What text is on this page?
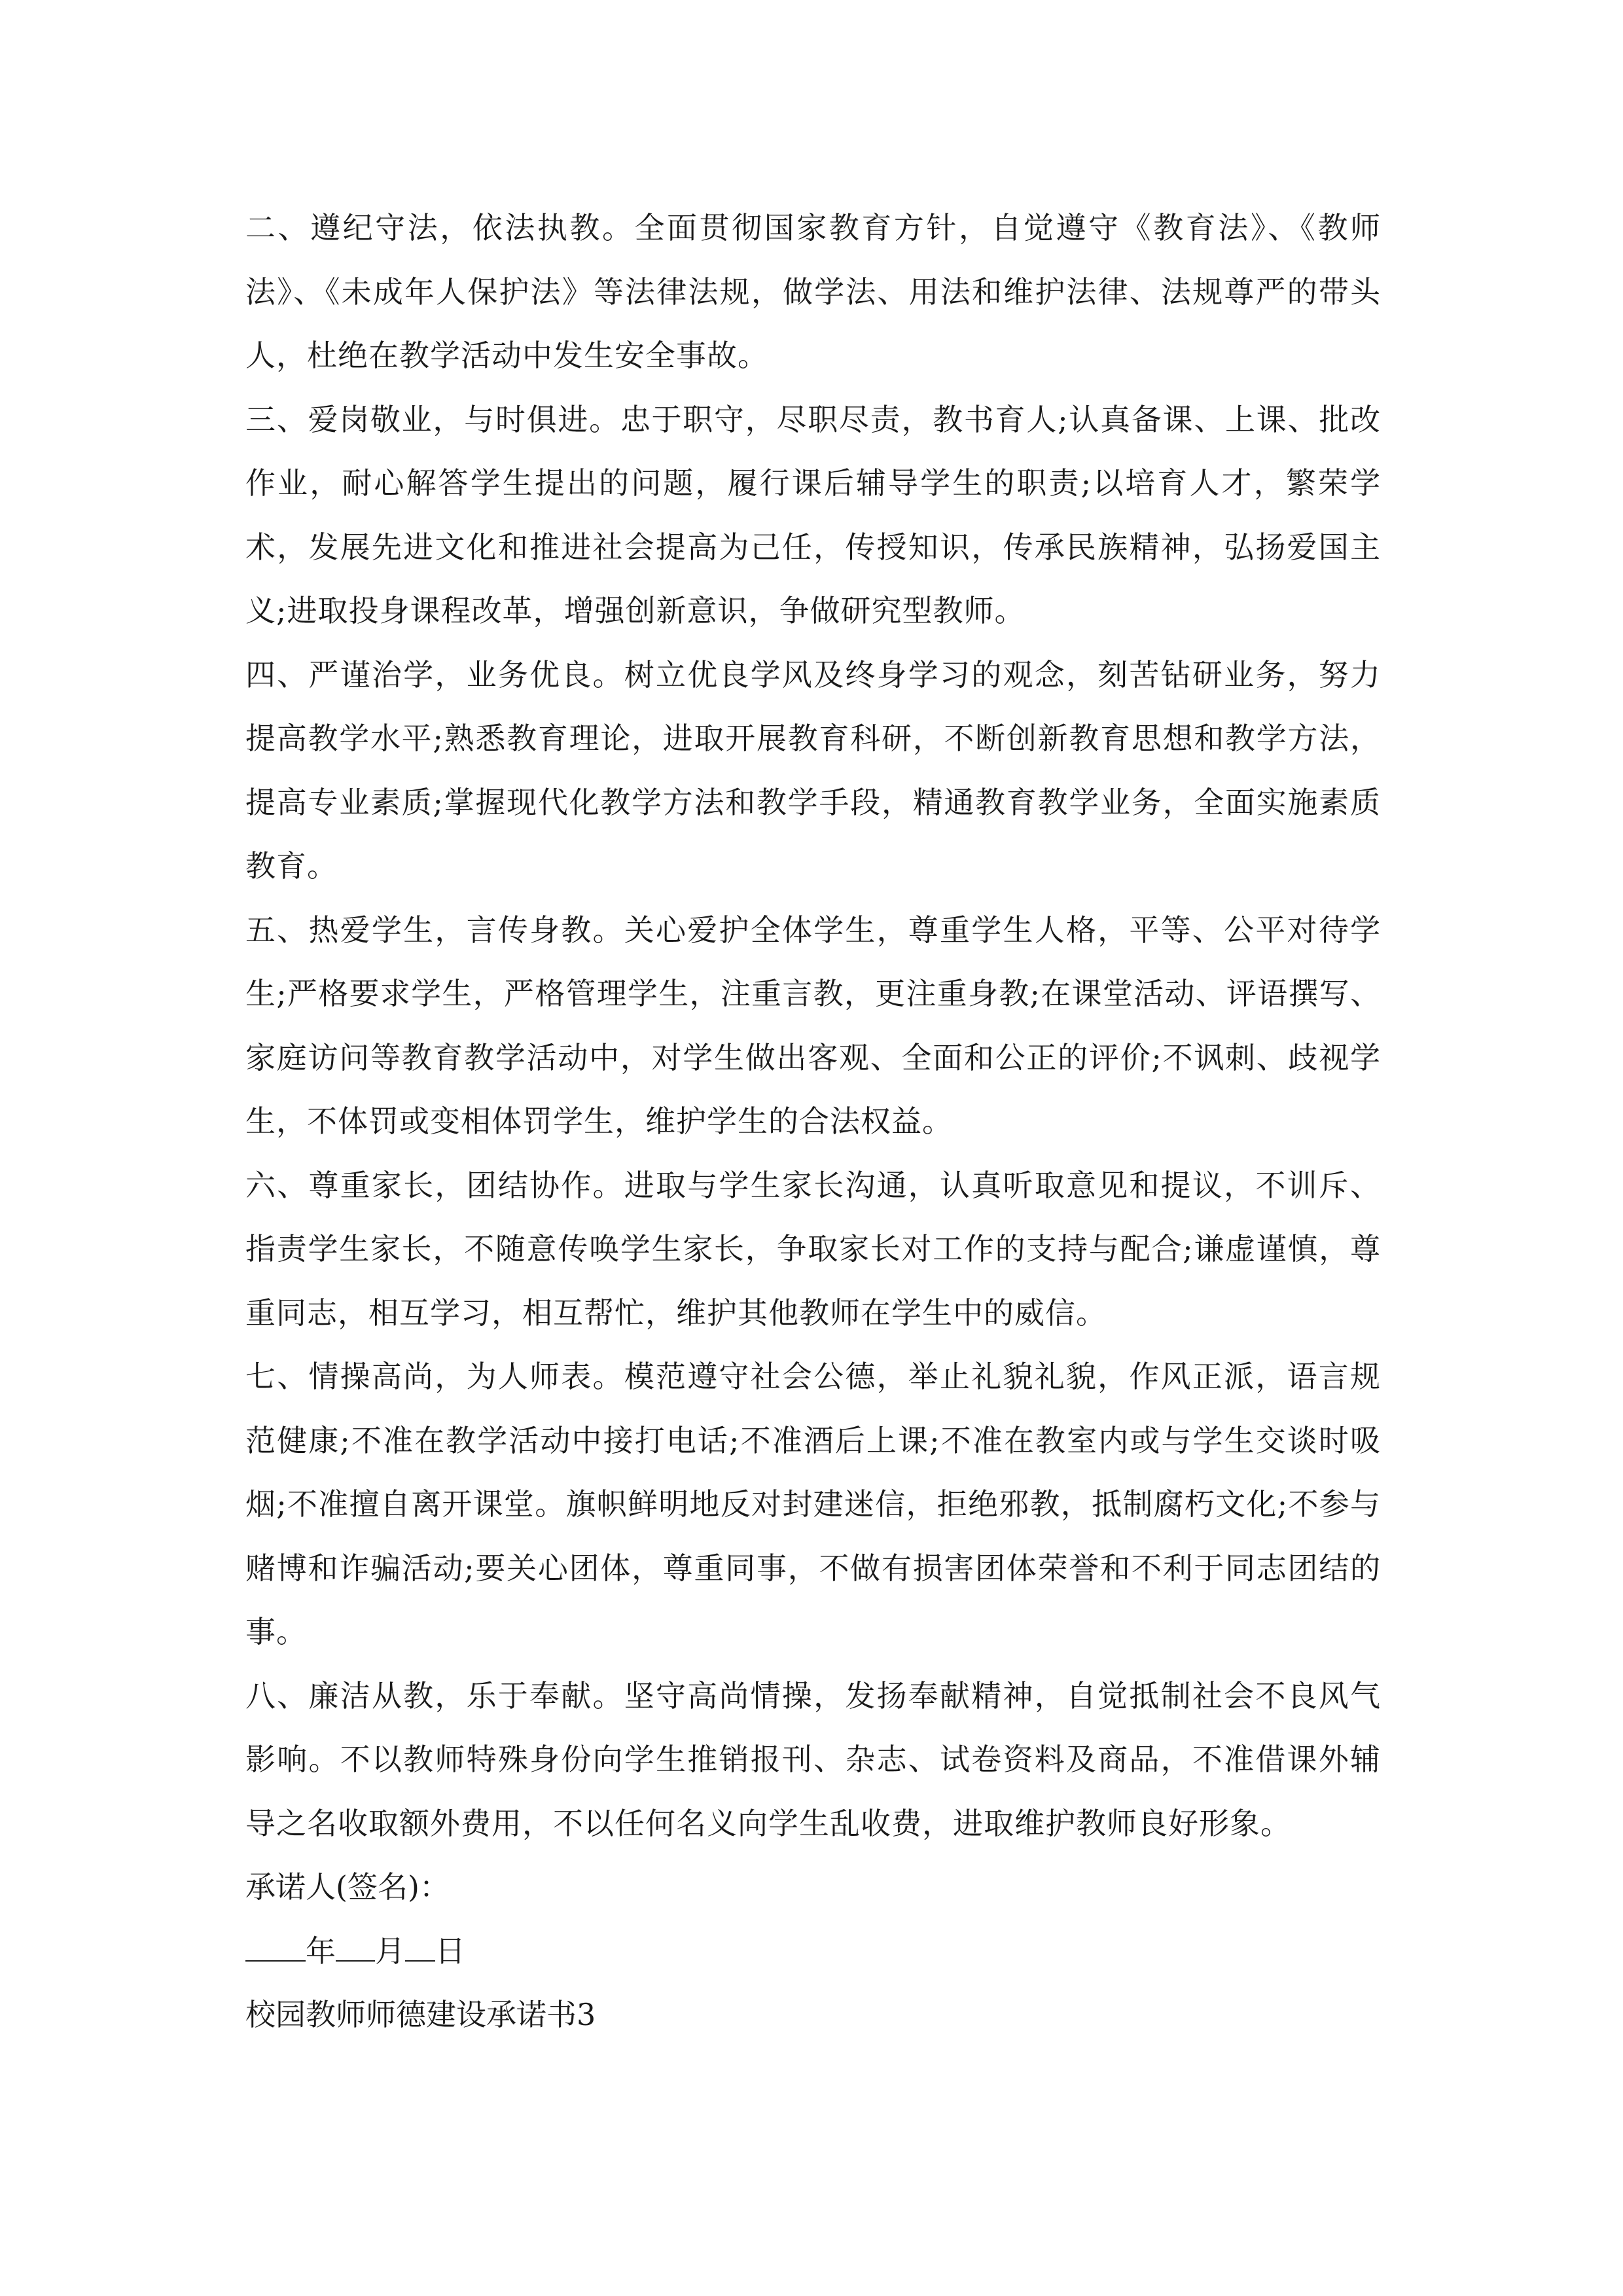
二、遵纪守法，依法执教。全面贯彻国家教育方针，自觉遵守《教育法》、《教师法》、《未成年人保护法》等法律法规，做学法、用法和维护法律、法规尊严的带头人，杜绝在教学活动中发生安全事故。

三、爱岗敬业，与时俱进。忠于职守，尽职尽责，教书育人;认真备课、上课、批改作业，耐心解答学生提出的问题，履行课后辅导学生的职责;以培育人才，繁荣学术，发展先进文化和推进社会提高为己任，传授知识，传承民族精神，弘扬爱国主义;进取投身课程改革，增强创新意识，争做研究型教师。

四、严谨治学，业务优良。树立优良学风及终身学习的观念，刻苦钻研业务，努力提高教学水平;熟悉教育理论，进取开展教育科研，不断创新教育思想和教学方法，提高专业素质;掌握现代化教学方法和教学手段，精通教育教学业务，全面实施素质教育。

五、热爱学生，言传身教。关心爱护全体学生，尊重学生人格，平等、公平对待学生;严格要求学生，严格管理学生，注重言教，更注重身教;在课堂活动、评语撰写、家庭访问等教育教学活动中，对学生做出客观、全面和公正的评价;不讽刺、歧视学生，不体罚或变相体罚学生，维护学生的合法权益。

六、尊重家长，团结协作。进取与学生家长沟通，认真听取意见和提议，不训斥、指责学生家长，不随意传唤学生家长，争取家长对工作的支持与配合;谦虚谨慎，尊重同志，相互学习，相互帮忙，维护其他教师在学生中的威信。

七、情操高尚，为人师表。模范遵守社会公德，举止礼貌礼貌，作风正派，语言规范健康;不准在教学活动中接打电话;不准酒后上课;不准在教室内或与学生交谈时吸烟;不准擅自离开课堂。旗帜鲜明地反对封建迷信，拒绝邪教，抵制腐朽文化;不参与赌博和诈骗活动;要关心团体，尊重同事，不做有损害团体荣誉和不利于同志团结的事。

八、廉洁从教，乐于奉献。坚守高尚情操，发扬奉献精神，自觉抵制社会不良风气影响。不以教师特殊身份向学生推销报刊、杂志、试卷资料及商品，不准借课外辅导之名收取额外费用，不以任何名义向学生乱收费，进取维护教师良好形象。

承诺人(签名)：

年 月 日

校园教师师德建设承诺书3
